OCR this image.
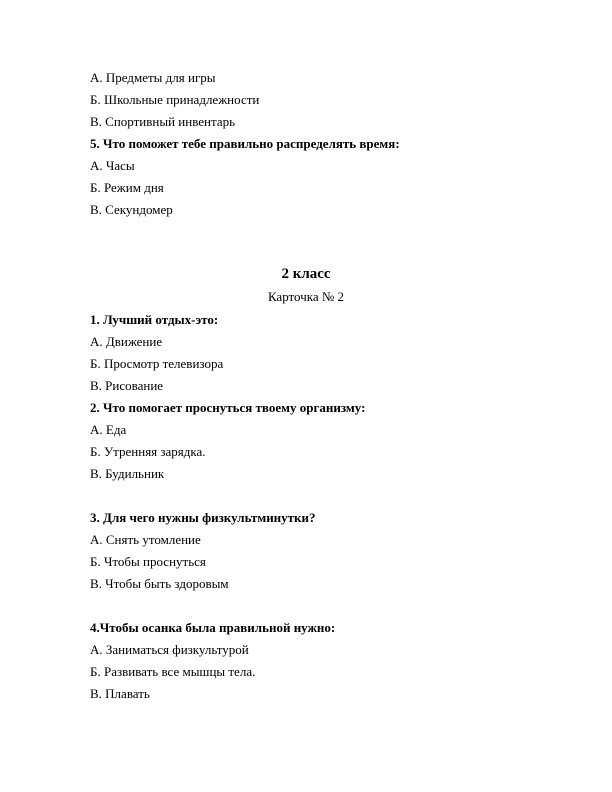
А. Предметы для игры
Б. Школьные принадлежности
В. Спортивный инвентарь
5. Что поможет тебе правильно распределять время:
А. Часы
Б. Режим дня
В. Секундомер
2 класс
Карточка № 2
1. Лучший отдых-это:
А. Движение
Б. Просмотр телевизора
В. Рисование
2. Что помогает проснуться твоему организму:
А. Еда
Б. Утренняя зарядка.
В. Будильник
3. Для чего нужны физкультминутки?
А. Снять утомление
Б. Чтобы проснуться
В. Чтобы быть здоровым
4.Чтобы осанка была правильной нужно:
А. Заниматься физкультурой
Б. Развивать все мышцы тела.
В. Плавать
